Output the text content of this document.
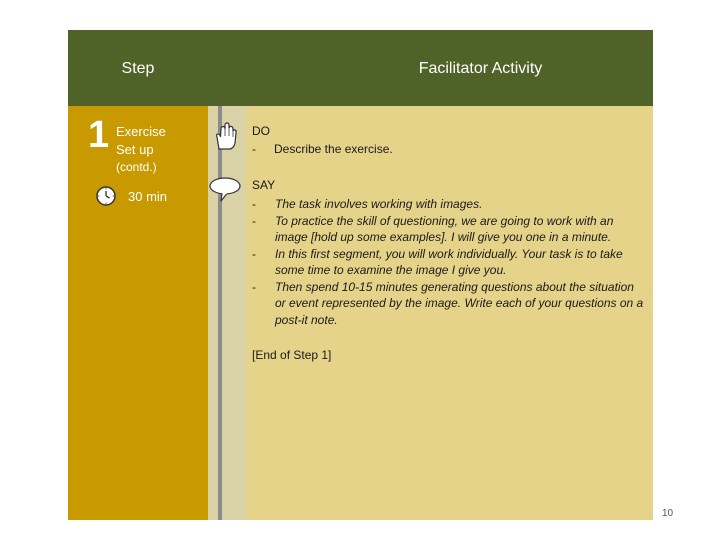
Step	Facilitator Activity
1 Exercise
Set up
(contd.)
30 min
DO
- Describe the exercise.
SAY
- The task involves working with images.
- To practice the skill of questioning, we are going to work with an image [hold up some examples]. I will give you one in a minute.
- In this first segment, you will work individually. Your task is to take some time to examine the image I give you.
- Then spend 10-15 minutes generating questions about the situation or event represented by the image. Write each of your questions on a post-it note.
[End of Step 1]
10
